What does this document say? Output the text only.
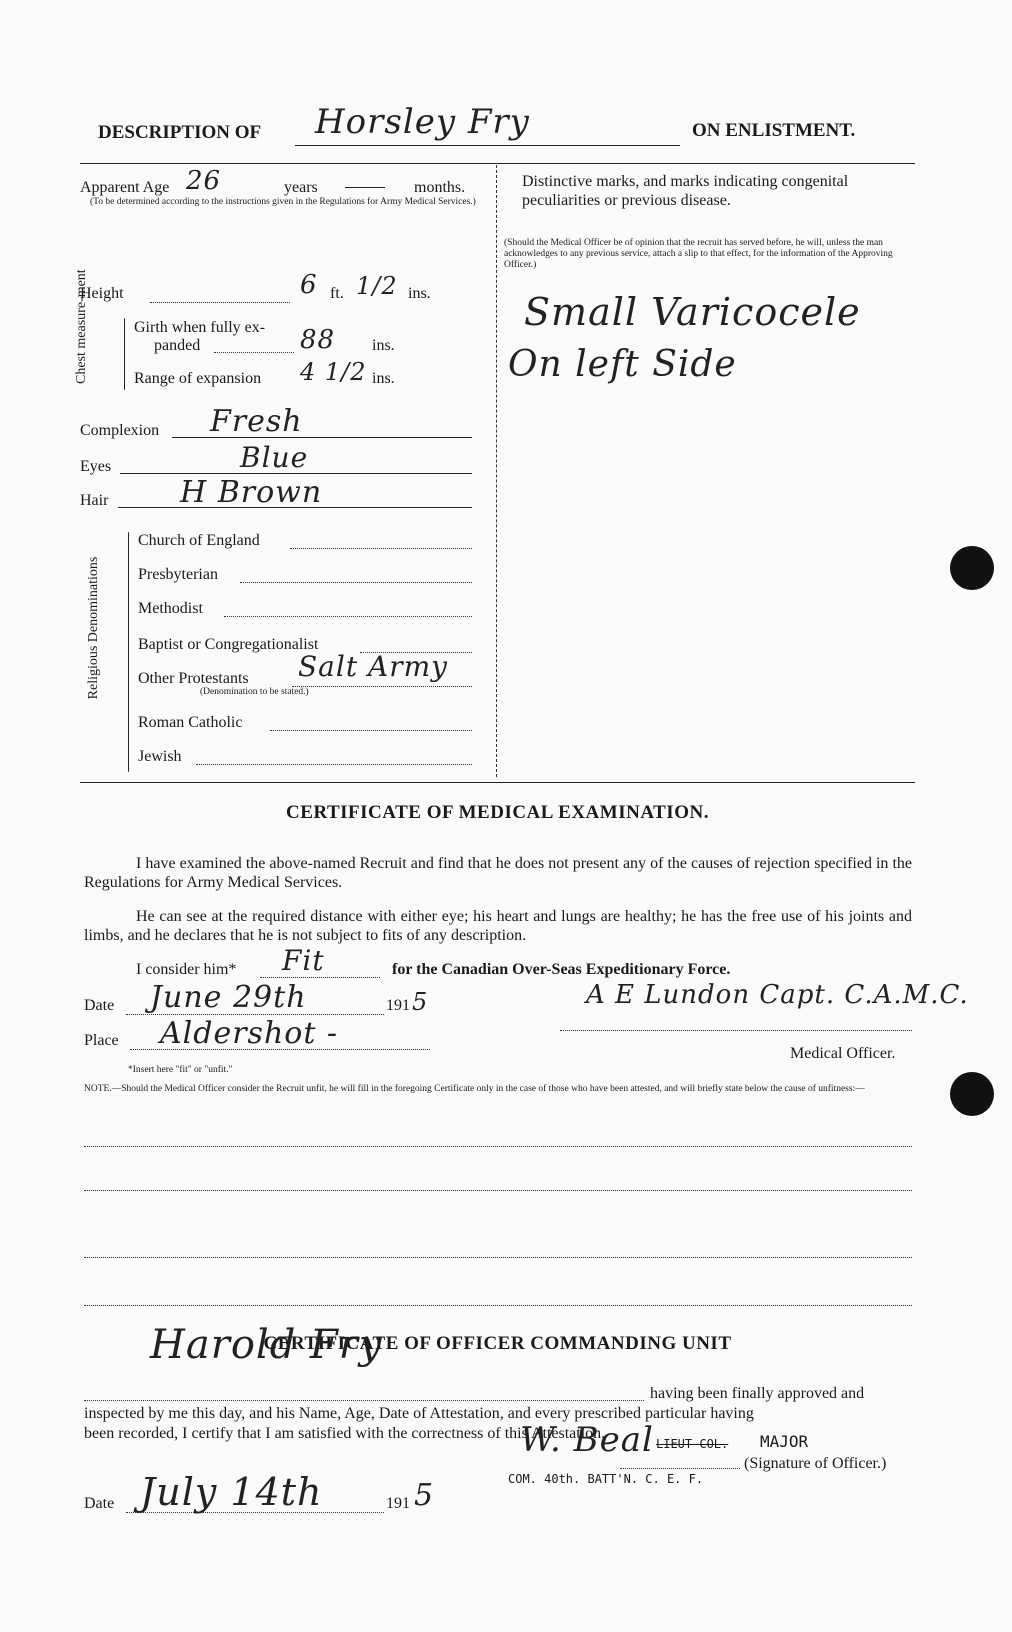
DESCRIPTION OF Horsley Fry	ON ENLISTMENT.
Apparent Age 26	years	months.
(To be determined according to the instructions given in the Regulations for Army Medical Services.)
Height	6 ft. 1/2 ins.
Chest measure-ment	Girth when fully ex-
panded	88 ins.
Range of expansion 4 1/2 ins.
Complexion Fresh
Eyes	Blue
Hair H Brown
Religious Denominations
Church of England
Presbyterian
Methodist
Baptist or Congregationalist
Other Protestants
(Denomination to be stated.)
Salt Army
Roman Catholic
Jewish
Distinctive marks, and marks indicating congenital peculiarities or previous disease.
(Should the Medical Officer be of opinion that the recruit has served before, he will, unless the man acknowledges to any previous service, attach a slip to that effect, for the information of the Approving Officer.)
Small Varicocele
On left Side
CERTIFICATE OF MEDICAL EXAMINATION.
I have examined the above-named Recruit and find that he does not present any of the causes of rejection specified in the Regulations for Army Medical Services.
He can see at the required distance with either eye; his heart and lungs are healthy; he has the free use of his joints and limbs, and he declares that he is not subject to fits of any description.
I consider him* Fit	for the Canadian Over-Seas Expeditionary Force.
Date June 29th	191 5
Place Aldershot -
A E Lundon Capt. C.A.M.C.
Medical Officer.
*Insert here "fit" or "unfit."
NOTE.—Should the Medical Officer consider the Recruit unfit, he will fill in the foregoing Certificate only in the case of those who have been attested, and will briefly state below the cause of unfitness:—
CERTIFICATE OF OFFICER COMMANDING UNIT
Harold Fry
having been finally approved and
inspected by me this day, and his Name, Age, Date of Attestation, and every prescribed particular having
been recorded, I certify that I am satisfied with the correctness of this Attestation.
W. Beal LIEUT-COL. MAJOR
(Signature of Officer.)
COM. 40th. BATT'N. C. E. F.
Date July 14th	191 5
